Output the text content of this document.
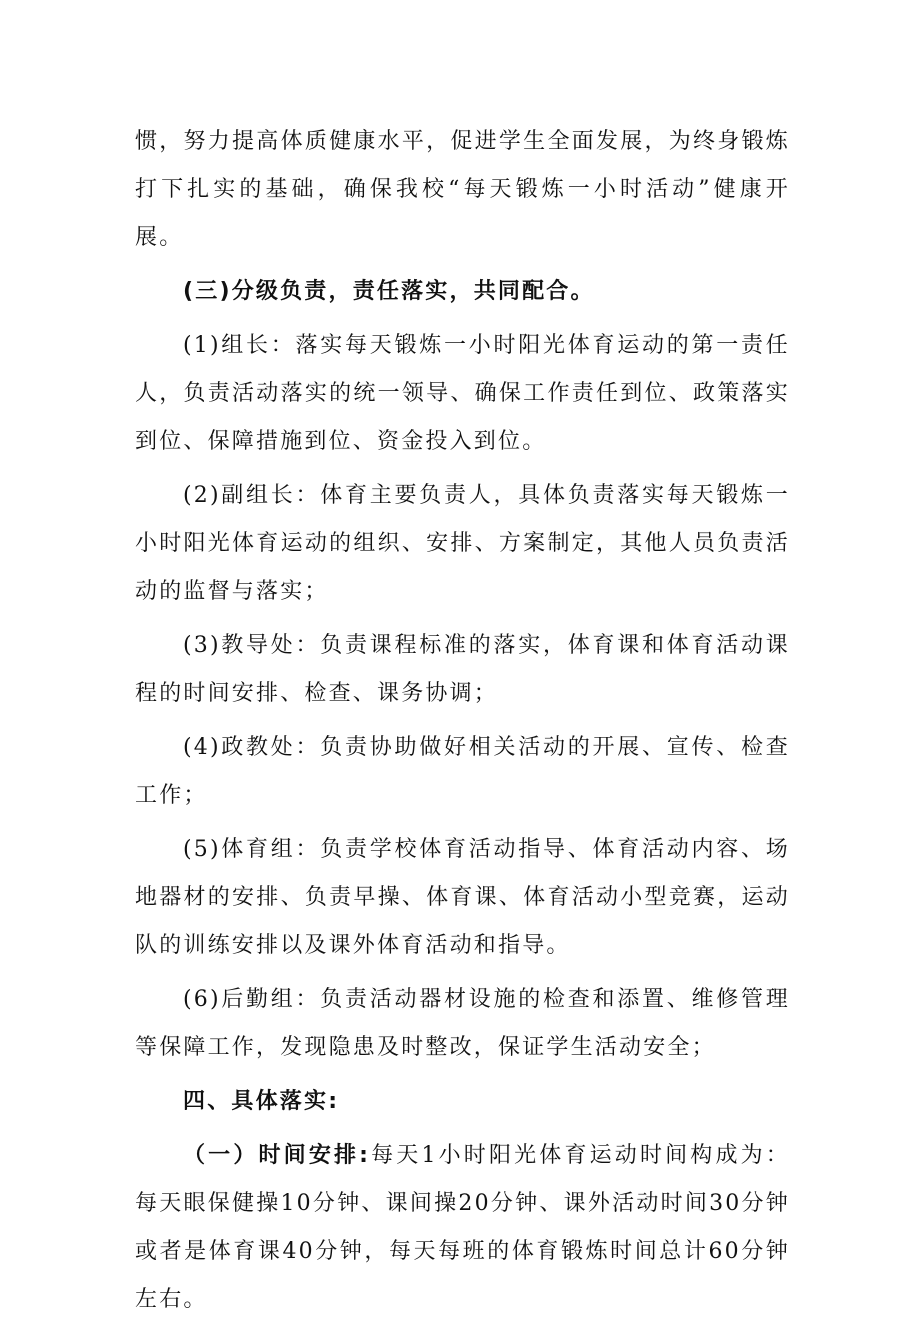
惯，努力提高体质健康水平，促进学生全面发展，为终身锻炼打下扎实的基础，确保我校“每天锻炼一小时活动”健康开展。

(三)分级负责，责任落实，共同配合。

(1)组长：落实每天锻炼一小时阳光体育运动的第一责任人，负责活动落实的统一领导、确保工作责任到位、政策落实到位、保障措施到位、资金投入到位。

(2)副组长：体育主要负责人，具体负责落实每天锻炼一小时阳光体育运动的组织、安排、方案制定，其他人员负责活动的监督与落实；

(3)教导处：负责课程标准的落实，体育课和体育活动课程的时间安排、检查、课务协调；

(4)政教处：负责协助做好相关活动的开展、宣传、检查工作；

(5)体育组：负责学校体育活动指导、体育活动内容、场地器材的安排、负责早操、体育课、体育活动小型竞赛，运动队的训练安排以及课外体育活动和指导。

(6)后勤组：负责活动器材设施的检查和添置、维修管理等保障工作，发现隐患及时整改，保证学生活动安全；

四、具体落实:

（一）时间安排:每天1小时阳光体育运动时间构成为：每天眼保健操10分钟、课间操20分钟、课外活动时间30分钟或者是体育课40分钟，每天每班的体育锻炼时间总计60分钟左右。
